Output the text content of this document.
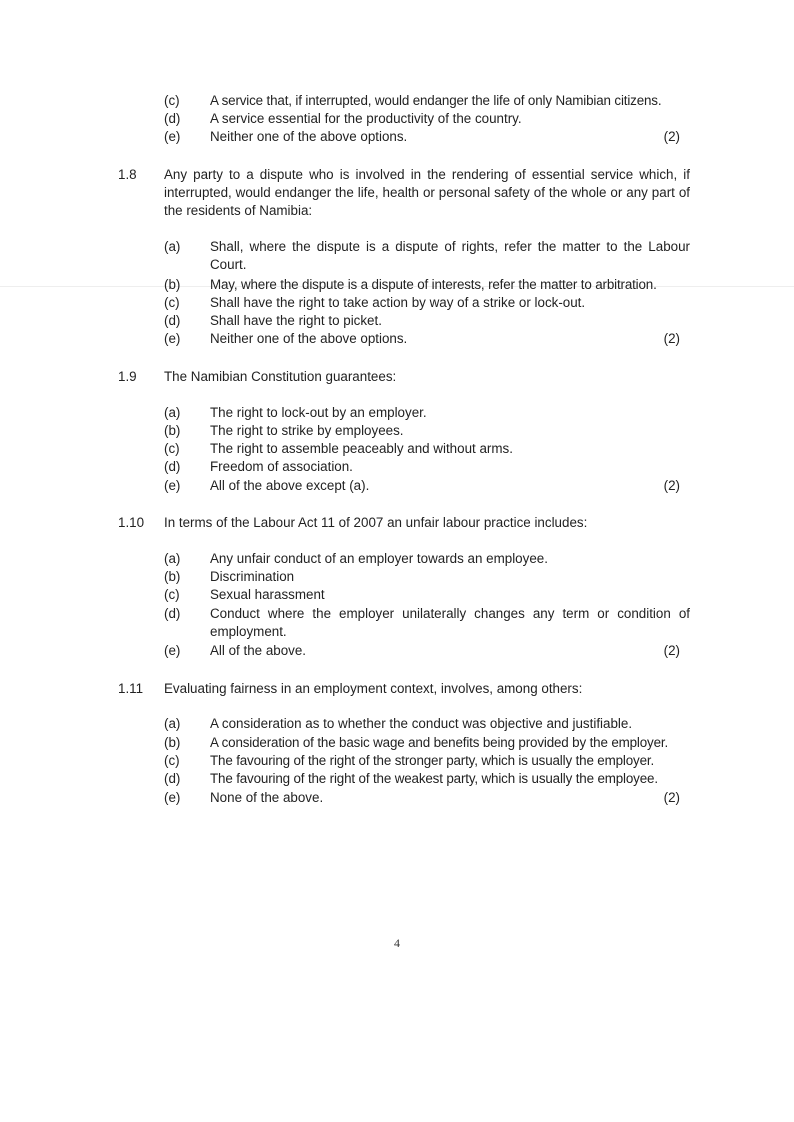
(c)	A service that, if interrupted, would endanger the life of only Namibian citizens.
(d)	A service essential for the productivity of the country.
(e)	Neither one of the above options.	(2)
1.8	Any party to a dispute who is involved in the rendering of essential service which, if interrupted, would endanger the life, health or personal safety of the whole or any part of the residents of Namibia:
(a)	Shall, where the dispute is a dispute of rights, refer the matter to the Labour Court.
(b)	May, where the dispute is a dispute of interests, refer the matter to arbitration.
(c)	Shall have the right to take action by way of a strike or lock-out.
(d)	Shall have the right to picket.
(e)	Neither one of the above options.	(2)
1.9	The Namibian Constitution guarantees:
(a)	The right to lock-out by an employer.
(b)	The right to strike by employees.
(c)	The right to assemble peaceably and without arms.
(d)	Freedom of association.
(e)	All of the above except (a).	(2)
1.10	In terms of the Labour Act 11 of 2007 an unfair labour practice includes:
(a)	Any unfair conduct of an employer towards an employee.
(b)	Discrimination
(c)	Sexual harassment
(d)	Conduct where the employer unilaterally changes any term or condition of employment.
(e)	All of the above.	(2)
1.11	Evaluating fairness in an employment context, involves, among others:
(a)	A consideration as to whether the conduct was objective and justifiable.
(b)	A consideration of the basic wage and benefits being provided by the employer.
(c)	The favouring of the right of the stronger party, which is usually the employer.
(d)	The favouring of the right of the weakest party, which is usually the employee.
(e)	None of the above.	(2)
4
